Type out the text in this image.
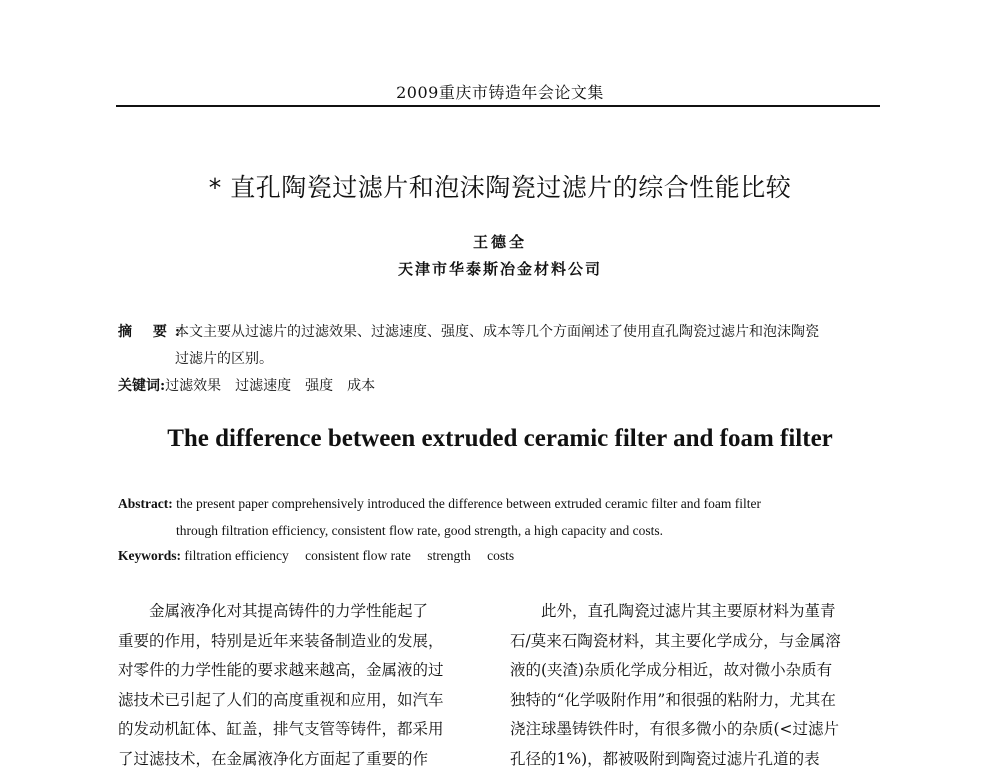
2009重庆市铸造年会论文集
* 直孔陶瓷过滤片和泡沫陶瓷过滤片的综合性能比较
王德全
天津市华泰斯冶金材料公司
摘 要:
本文主要从过滤片的过滤效果、过滤速度、强度、成本等几个方面阐述了使用直孔陶瓷过滤片和泡沫陶瓷
过滤片的区别。
关键词:过滤效果 过滤速度 强度 成本
The difference between extruded ceramic filter and foam filter
Abstract: the present paper comprehensively introduced the difference between extruded ceramic filter and foam filter
through filtration efficiency, consistent flow rate, good strength, a high capacity and costs.
Keywords: filtration efficiency consistent flow rate strength costs
　　金属液净化对其提高铸件的力学性能起了
重要的作用，特别是近年来装备制造业的发展，
对零件的力学性能的要求越来越高，金属液的过
滤技术已引起了人们的高度重视和应用，如汽车
的发动机缸体、缸盖，排气支管等铸件，都采用
了过滤技术，在金属液净化方面起了重要的作
　　此外，直孔陶瓷过滤片其主要原材料为堇青
石/莫来石陶瓷材料，其主要化学成分，与金属溶
液的(夹渣)杂质化学成分相近，故对微小杂质有
独特的“化学吸附作用”和很强的粘附力，尤其在
浇注球墨铸铁件时，有很多微小的杂质(<过滤片
孔径的1%)，都被吸附到陶瓷过滤片孔道的表
